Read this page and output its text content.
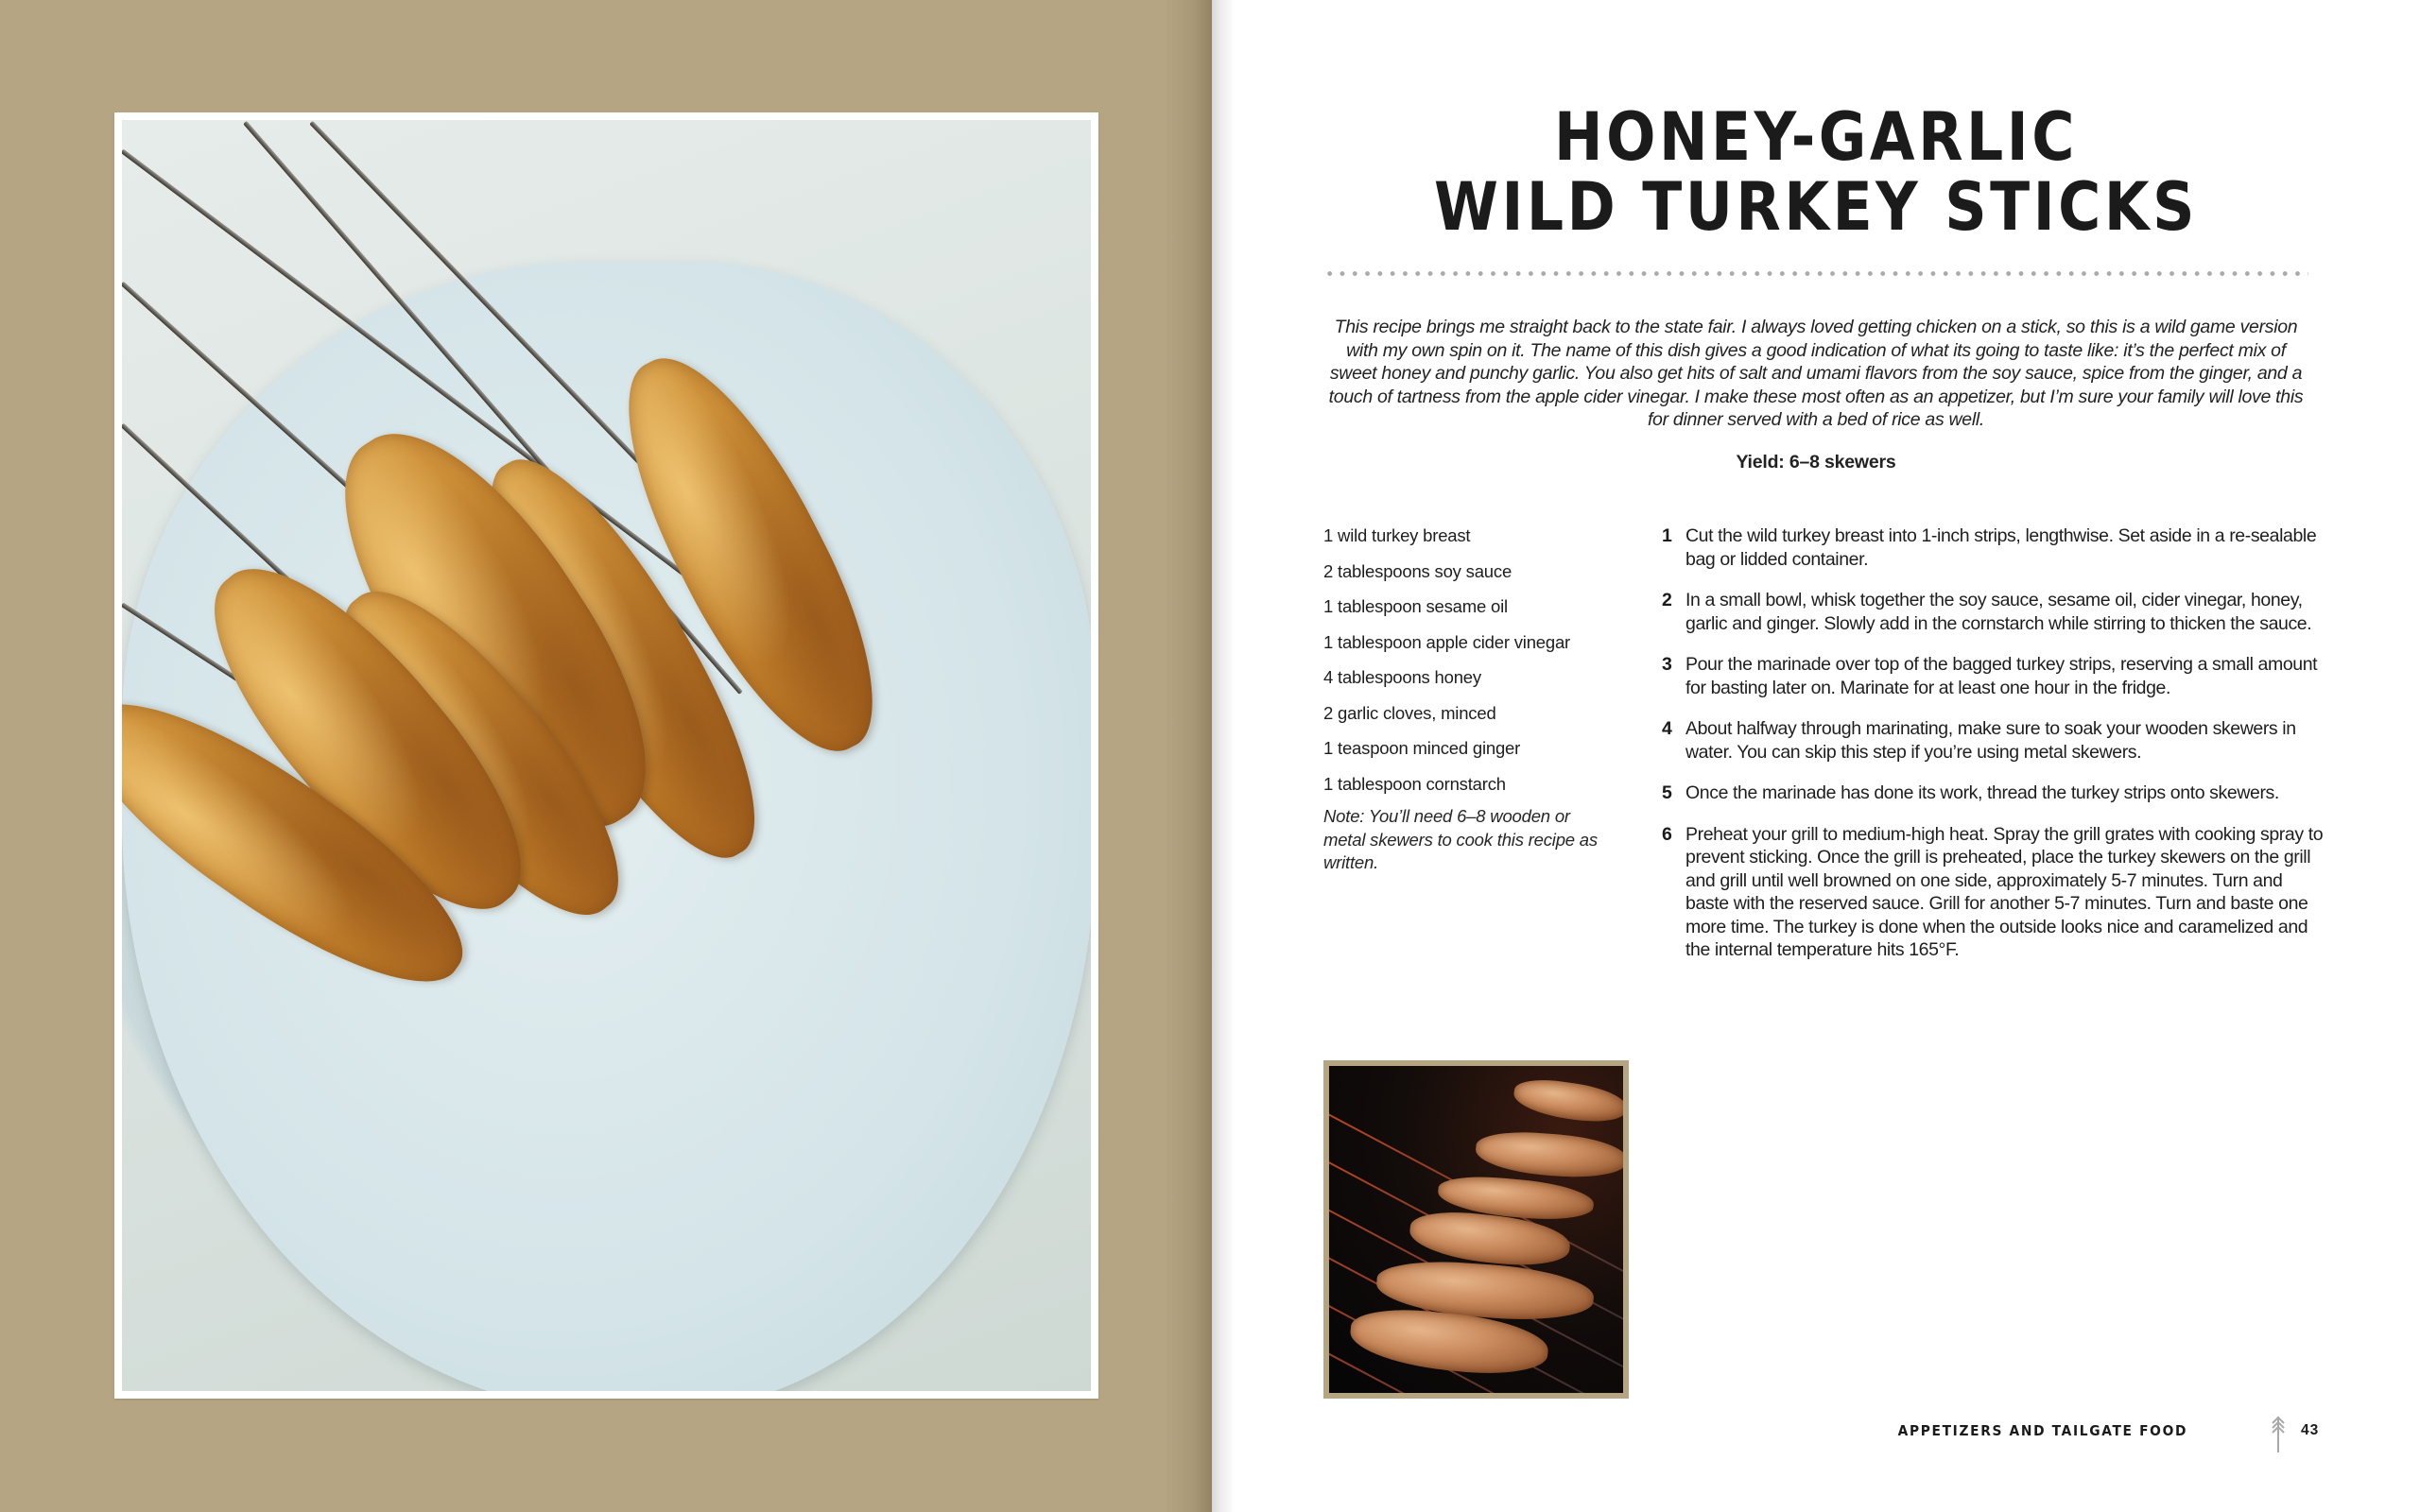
HONEY-GARLIC
WILD TURKEY STICKS

This recipe brings me straight back to the state fair. I always loved getting chicken on a stick, so this is a wild game version with my own spin on it. The name of this dish gives a good indication of what its going to taste like: it’s the perfect mix of sweet honey and punchy garlic. You also get hits of salt and umami flavors from the soy sauce, spice from the ginger, and a touch of tartness from the apple cider vinegar. I make these most often as an appetizer, but I’m sure your family will love this for dinner served with a bed of rice as well.

Yield: 6–8 skewers
1 wild turkey breast
2 tablespoons soy sauce
1 tablespoon sesame oil
1 tablespoon apple cider vinegar
4 tablespoons honey
2 garlic cloves, minced
1 teaspoon minced ginger
1 tablespoon cornstarch
Note: You’ll need 6–8 wooden or metal skewers to cook this recipe as written.
1 Cut the wild turkey breast into 1-inch strips, lengthwise. Set aside in a re-sealable bag or lidded container.
2 In a small bowl, whisk together the soy sauce, sesame oil, cider vinegar, honey, garlic and ginger. Slowly add in the cornstarch while stirring to thicken the sauce.
3 Pour the marinade over top of the bagged turkey strips, reserving a small amount for basting later on. Marinate for at least one hour in the fridge.
4 About halfway through marinating, make sure to soak your wooden skewers in water. You can skip this step if you’re using metal skewers.
5 Once the marinade has done its work, thread the turkey strips onto skewers.
6 Preheat your grill to medium-high heat. Spray the grill grates with cooking spray to prevent sticking. Once the grill is preheated, place the turkey skewers on the grill and grill until well browned on one side, approximately 5-7 minutes. Turn and baste with the reserved sauce. Grill for another 5-7 minutes. Turn and baste one more time. The turkey is done when the outside looks nice and caramelized and the internal temperature hits 165°F.
APPETIZERS AND TAILGATE FOOD	43
